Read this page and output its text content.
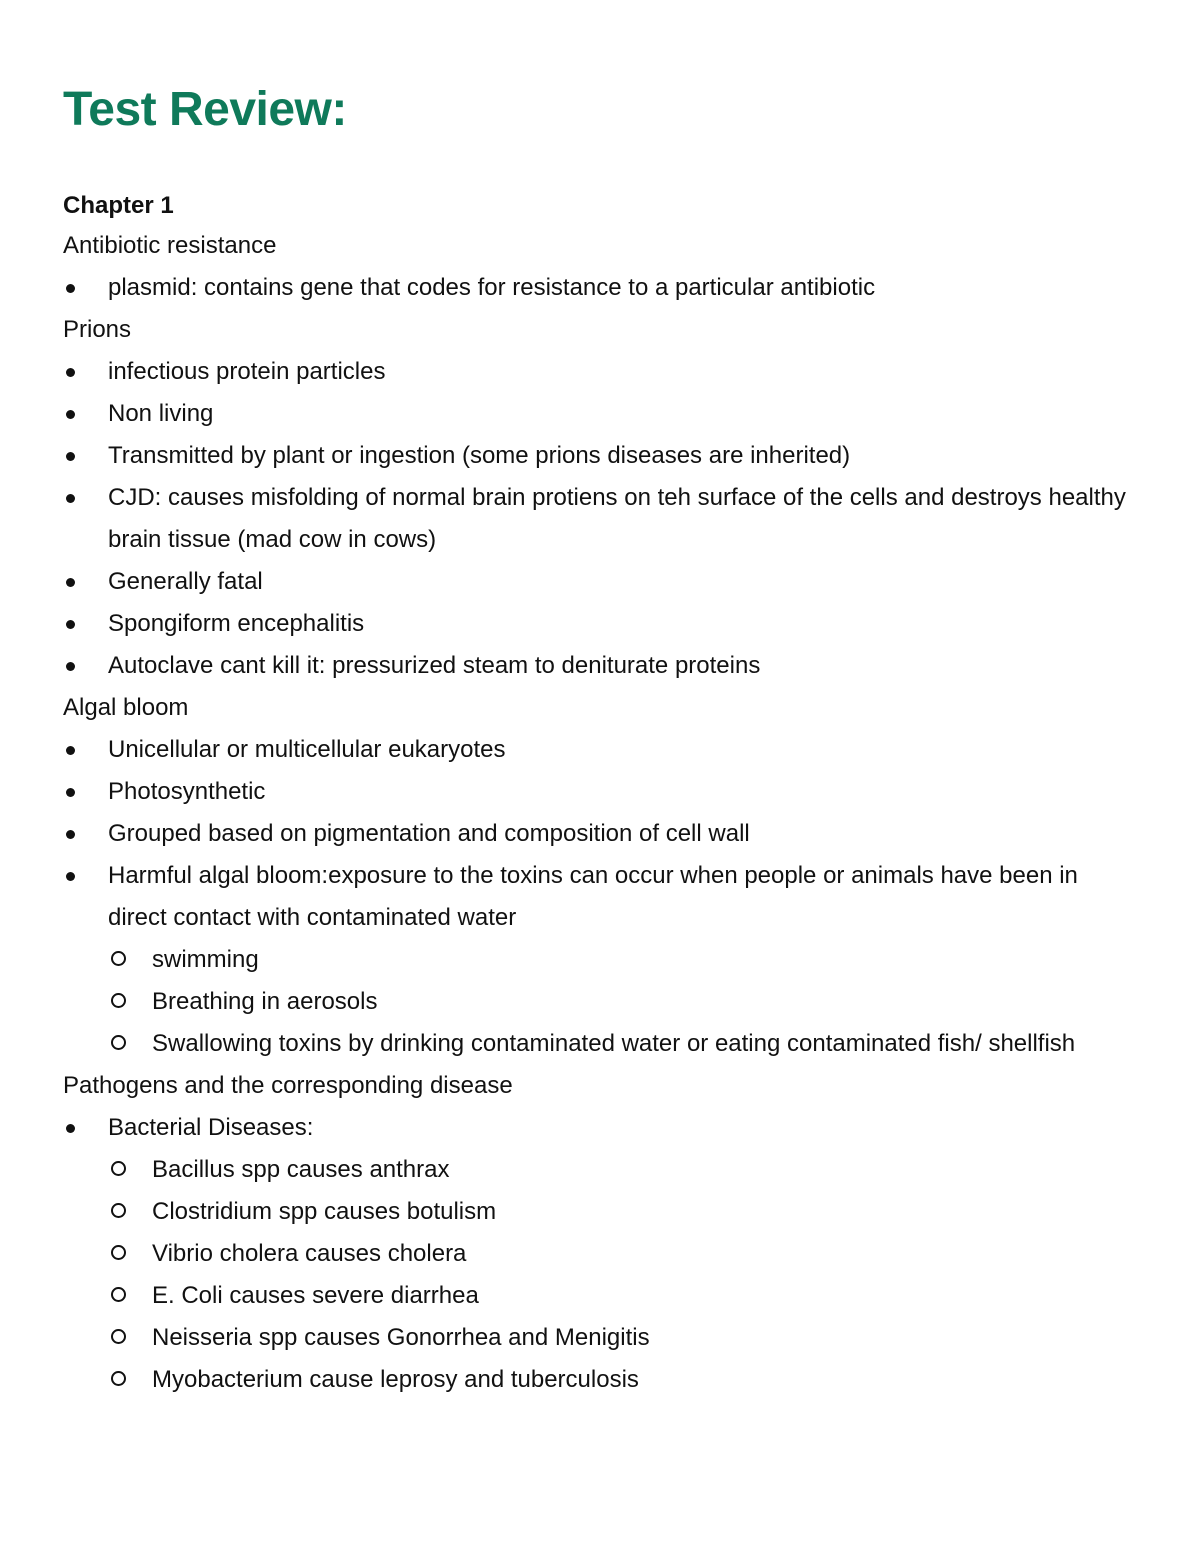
Test Review:
Chapter 1

Antibiotic resistance

plasmid: contains gene that codes for resistance to a particular antibiotic

Prions

infectious protein particles
Non living
Transmitted by plant or ingestion (some prions diseases are inherited)
CJD: causes misfolding of normal brain protiens on teh surface of the cells and destroys healthy brain tissue (mad cow in cows)
Generally fatal
Spongiform encephalitis
Autoclave cant kill it: pressurized steam to deniturate proteins

Algal bloom

Unicellular or multicellular eukaryotes
Photosynthetic
Grouped based on pigmentation and composition of cell wall
Harmful algal bloom:exposure to the toxins can occur when people or animals have been in direct contact with contaminated water
swimming
Breathing in aerosols
Swallowing toxins by drinking contaminated water or eating contaminated fish/ shellfish

Pathogens and the corresponding disease

Bacterial Diseases:
Bacillus spp causes anthrax
Clostridium spp causes botulism
Vibrio cholera causes cholera
E. Coli causes severe diarrhea
Neisseria spp causes Gonorrhea and Menigitis
Myobacterium cause leprosy and tuberculosis
